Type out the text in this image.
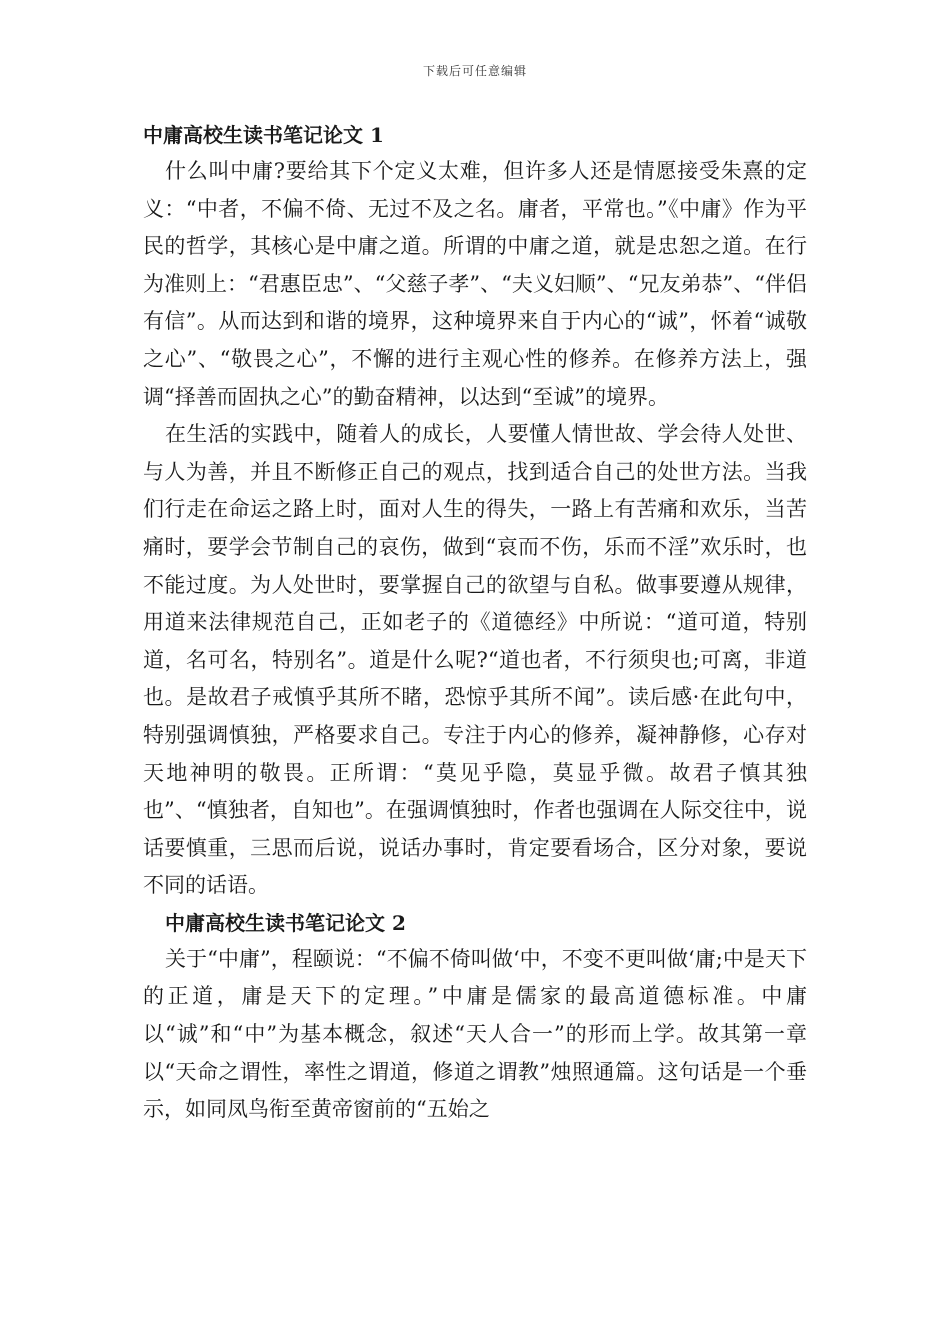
下载后可任意编辑
中庸高校生读书笔记论文 1

什么叫中庸?要给其下个定义太难，但许多人还是情愿接受朱熹的定义：“中者，不偏不倚、无过不及之名。庸者，平常也。”《中庸》作为平民的哲学，其核心是中庸之道。所谓的中庸之道，就是忠恕之道。在行为准则上：“君惠臣忠”、“父慈子孝”、“夫义妇顺”、“兄友弟恭”、“伴侣有信”。从而达到和谐的境界，这种境界来自于内心的“诚”，怀着“诚敬之心”、“敬畏之心”，不懈的进行主观心性的修养。在修养方法上，强调“择善而固执之心”的勤奋精神，以达到“至诚”的境界。

在生活的实践中，随着人的成长，人要懂人情世故、学会待人处世、与人为善，并且不断修正自己的观点，找到适合自己的处世方法。当我们行走在命运之路上时，面对人生的得失，一路上有苦痛和欢乐，当苦痛时，要学会节制自己的哀伤，做到“哀而不伤，乐而不淫”欢乐时，也不能过度。为人处世时，要掌握自己的欲望与自私。做事要遵从规律，用道来法律规范自己，正如老子的《道德经》中所说：“道可道，特别道，名可名，特别名”。道是什么呢?“道也者，不行须臾也;可离，非道也。是故君子戒慎乎其所不睹，恐惊乎其所不闻”。读后感·在此句中，特别强调慎独，严格要求自己。专注于内心的修养，凝神静修，心存对天地神明的敬畏。正所谓：“莫见乎隐，莫显乎微。故君子慎其独也”、“慎独者，自知也”。在强调慎独时，作者也强调在人际交往中，说话要慎重，三思而后说，说话办事时，肯定要看场合，区分对象，要说不同的话语。

中庸高校生读书笔记论文 2

关于“中庸”，程颐说：“不偏不倚叫做‘中，不变不更叫做‘庸;中是天下的正道，庸是天下的定理。”中庸是儒家的最高道德标准。中庸以“诚”和“中”为基本概念，叙述“天人合一”的形而上学。故其第一章以“天命之谓性，率性之谓道，修道之谓教”烛照通篇。这句话是一个垂示，如同凤鸟衔至黄帝窗前的“五始之
